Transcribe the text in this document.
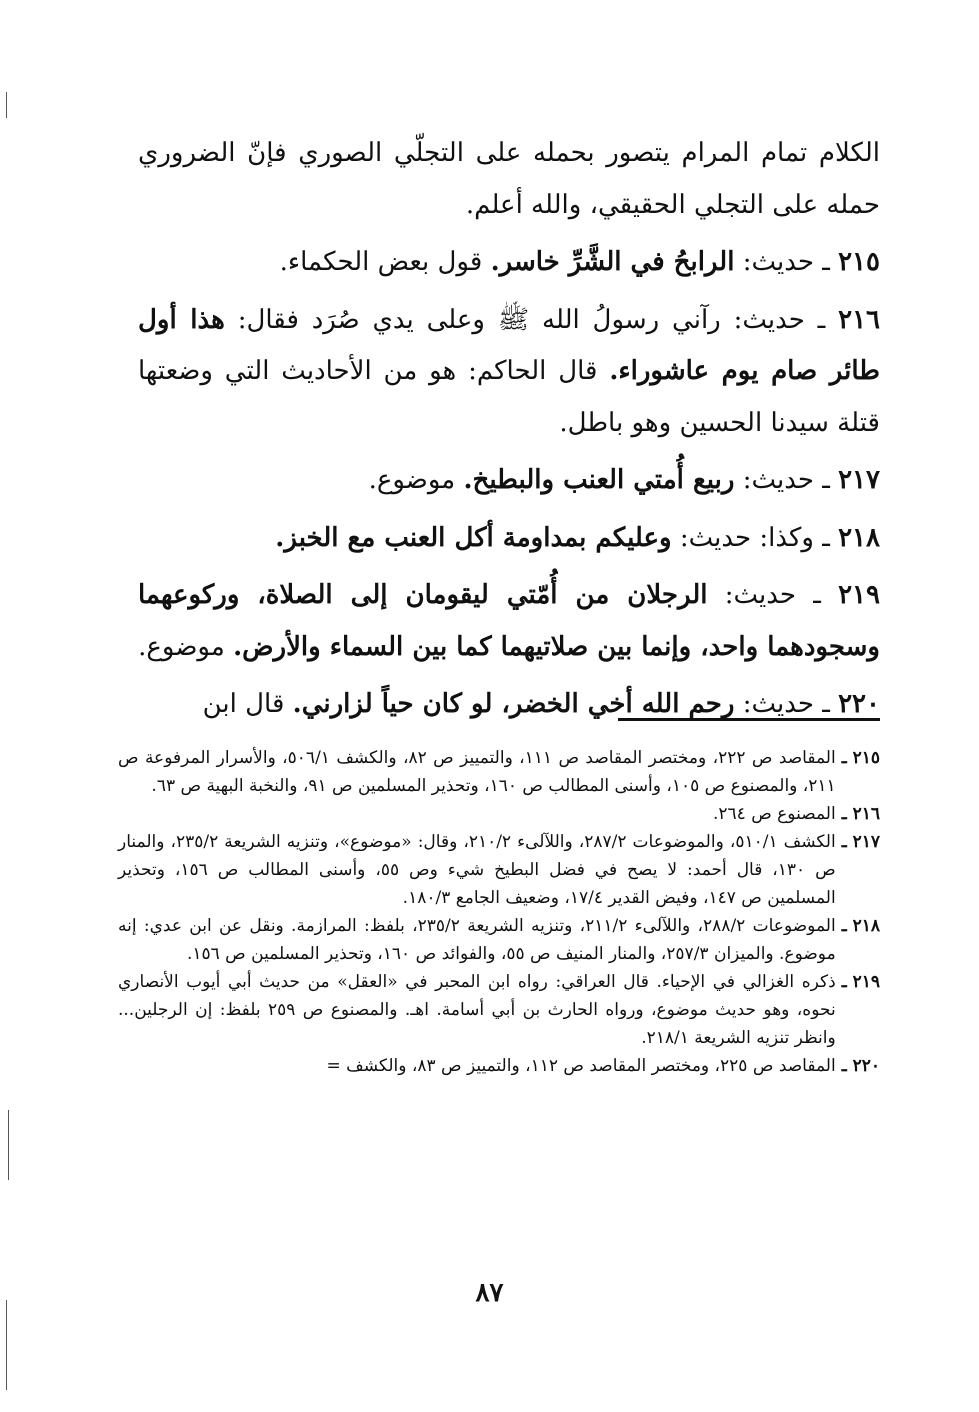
الكلام تمام المرام يتصور بحمله على التجلّي الصوري فإنّ الضروري حمله على التجلي الحقيقي، والله أعلم.

٢١٥ ـ حديث: الرابحُ في الشَّرِّ خاسر. قول بعض الحكماء.

٢١٦ ـ حديث: رآني رسولُ الله ﷺ وعلى يدي صُرَد فقال: هذا أول طائر صام يوم عاشوراء. قال الحاكم: هو من الأحاديث التي وضعتها قتلة سيدنا الحسين وهو باطل.

٢١٧ ـ حديث: ربيع أُمتي العنب والبطيخ. موضوع.

٢١٨ ـ وكذا: حديث: وعليكم بمداومة أكل العنب مع الخبز.

٢١٩ ـ حديث: الرجلان من أُمّتي ليقومان إلى الصلاة، وركوعهما وسجودهما واحد، وإنما بين صلاتيهما كما بين السماء والأرض. موضوع.

٢٢٠ ـ حديث: رحم الله أخي الخضر، لو كان حياً لزارني. قال ابن

٢١٥ ـ
المقاصد ص ٢٢٢، ومختصر المقاصد ص ١١١، والتمييز ص ٨٢، والكشف ٥٠٦/١، والأسرار المرفوعة ص ٢١١، والمصنوع ص ١٠٥، وأسنى المطالب ص ١٦٠، وتحذير المسلمين ص ٩١، والنخبة البهية ص ٦٣.
٢١٦ ـ
المصنوع ص ٢٦٤.
٢١٧ ـ
الكشف ٥١٠/١، والموضوعات ٢٨٧/٢، واللآلىء ٢١٠/٢، وقال: «موضوع»، وتنزيه الشريعة ٢٣٥/٢، والمنار ص ١٣٠، قال أحمد: لا يصح في فضل البطيخ شيء وص ٥٥، وأسنى المطالب ص ١٥٦، وتحذير المسلمين ص ١٤٧، وفيض القدير ١٧/٤، وضعيف الجامع ١٨٠/٣.
٢١٨ ـ
الموضوعات ٢٨٨/٢، واللآلىء ٢١١/٢، وتنزيه الشريعة ٢٣٥/٢، بلفظ: المرازمة. ونقل عن ابن عدي: إنه موضوع. والميزان ٢٥٧/٣، والمنار المنيف ص ٥٥، والفوائد ص ١٦٠، وتحذير المسلمين ص ١٥٦.
٢١٩ ـ
ذكره الغزالي في الإحياء. قال العراقي: رواه ابن المحبر في «العقل» من حديث أبي أيوب الأنصاري نحوه، وهو حديث موضوع، ورواه الحارث بن أبي أسامة. اهـ. والمصنوع ص ٢٥٩ بلفظ: إن الرجلين... وانظر تنزيه الشريعة ٢١٨/١.
٢٢٠ ـ
المقاصد ص ٢٢٥، ومختصر المقاصد ص ١١٢، والتمييز ص ٨٣، والكشف =
٨٧
